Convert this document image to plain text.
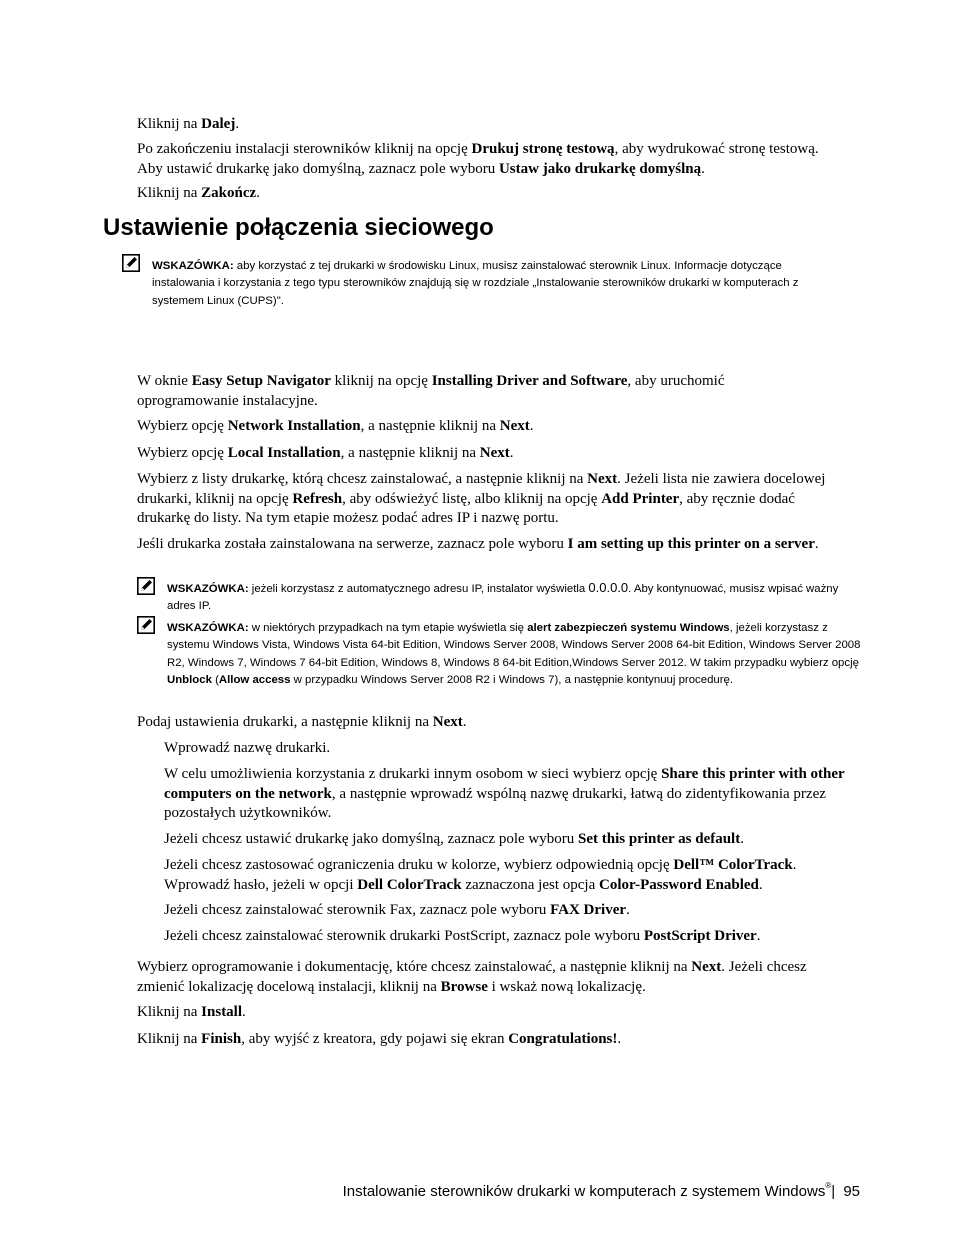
Kliknij na Dalej.

Po zakończeniu instalacji sterowników kliknij na opcję Drukuj stronę testową, aby wydrukować stronę testową. Aby ustawić drukarkę jako domyślną, zaznacz pole wyboru Ustaw jako drukarkę domyślną.

Kliknij na Zakończ.

Ustawienie połączenia sieciowego

WSKAZÓWKA: aby korzystać z tej drukarki w środowisku Linux, musisz zainstalować sterownik Linux. Informacje dotyczące instalowania i korzystania z tego typu sterowników znajdują się w rozdziale „Instalowanie sterowników drukarki w komputerach z systemem Linux (CUPS)".

W oknie Easy Setup Navigator kliknij na opcję Installing Driver and Software, aby uruchomić oprogramowanie instalacyjne.

Wybierz opcję Network Installation, a następnie kliknij na Next.

Wybierz opcję Local Installation, a następnie kliknij na Next.

Wybierz z listy drukarkę, którą chcesz zainstalować, a następnie kliknij na Next. Jeżeli lista nie zawiera docelowej drukarki, kliknij na opcję Refresh, aby odświeżyć listę, albo kliknij na opcję Add Printer, aby ręcznie dodać drukarkę do listy. Na tym etapie możesz podać adres IP i nazwę portu.

Jeśli drukarka została zainstalowana na serwerze, zaznacz pole wyboru I am setting up this printer on a server.

WSKAZÓWKA: jeżeli korzystasz z automatycznego adresu IP, instalator wyświetla 0.0.0.0. Aby kontynuować, musisz wpisać ważny adres IP.

WSKAZÓWKA: w niektórych przypadkach na tym etapie wyświetla się alert zabezpieczeń systemu Windows, jeżeli korzystasz z systemu Windows Vista, Windows Vista 64-bit Edition, Windows Server 2008, Windows Server 2008 64-bit Edition, Windows Server 2008 R2, Windows 7, Windows 7 64-bit Edition, Windows 8, Windows 8 64-bit Edition,Windows Server 2012. W takim przypadku wybierz opcję Unblock (Allow access w przypadku Windows Server 2008 R2 i Windows 7), a następnie kontynuuj procedurę.

Podaj ustawienia drukarki, a następnie kliknij na Next.

Wprowadź nazwę drukarki.

W celu umożliwienia korzystania z drukarki innym osobom w sieci wybierz opcję Share this printer with other computers on the network, a następnie wprowadź wspólną nazwę drukarki, łatwą do zidentyfikowania przez pozostałych użytkowników.

Jeżeli chcesz ustawić drukarkę jako domyślną, zaznacz pole wyboru Set this printer as default.

Jeżeli chcesz zastosować ograniczenia druku w kolorze, wybierz odpowiednią opcję Dell™ ColorTrack. Wprowadź hasło, jeżeli w opcji Dell ColorTrack zaznaczona jest opcja Color-Password Enabled.

Jeżeli chcesz zainstalować sterownik Fax, zaznacz pole wyboru FAX Driver.

Jeżeli chcesz zainstalować sterownik drukarki PostScript, zaznacz pole wyboru PostScript Driver.

Wybierz oprogramowanie i dokumentację, które chcesz zainstalować, a następnie kliknij na Next. Jeżeli chcesz zmienić lokalizację docelową instalacji, kliknij na Browse i wskaż nową lokalizację.

Kliknij na Install.

Kliknij na Finish, aby wyjść z kreatora, gdy pojawi się ekran Congratulations!.

Instalowanie sterowników drukarki w komputerach z systemem Windows®| 95
